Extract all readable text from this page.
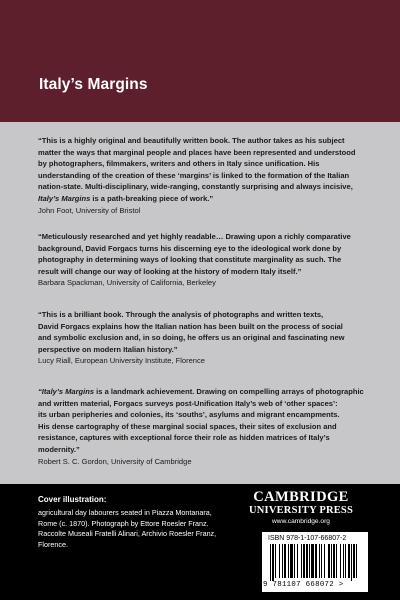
Italy’s Margins

“This is a highly original and beautifully written book. The author takes as his subject
matter the ways that marginal people and places have been represented and understood
by photographers, filmmakers, writers and others in Italy since unification. His
understanding of the creation of these ‘margins’ is linked to the formation of the Italian
nation-state. Multi-disciplinary, wide-ranging, constantly surprising and always incisive,
Italy’s Margins is a path-breaking piece of work.”

John Foot, University of Bristol

“Meticulously researched and yet highly readable… Drawing upon a richly comparative
background, David Forgacs turns his discerning eye to the ideological work done by
photography in determining ways of looking that constitute marginality as such. The
result will change our way of looking at the history of modern Italy itself.”

Barbara Spackman, University of California, Berkeley

“This is a brilliant book. Through the analysis of photographs and written texts,
David Forgacs explains how the Italian nation has been built on the process of social
and symbolic exclusion and, in so doing, he offers us an original and fascinating new
perspective on modern Italian history.”

Lucy Riall, European University Institute, Florence

“Italy’s Margins is a landmark achievement. Drawing on compelling arrays of photographic
and written material, Forgacs surveys post-Unification Italy’s web of ‘other spaces’:
its urban peripheries and colonies, its ‘souths’, asylums and migrant encampments.
His dense cartography of these marginal social spaces, their sites of exclusion and
resistance, captures with exceptional force their role as hidden matrices of Italy’s
modernity.”

Robert S. C. Gordon, University of Cambridge

Cover illustration:
agricultural day labourers seated in Piazza Montanara,
Rome (c. 1870). Photograph by Ettore Roesler Franz.
Raccolte Museali Fratelli Alinari, Archivio Roesler Franz,
Florence.
CAMBRIDGE
UNIVERSITY PRESS
www.cambridge.org
ISBN 978-1-107-66807-2
9 781107 668072 >
